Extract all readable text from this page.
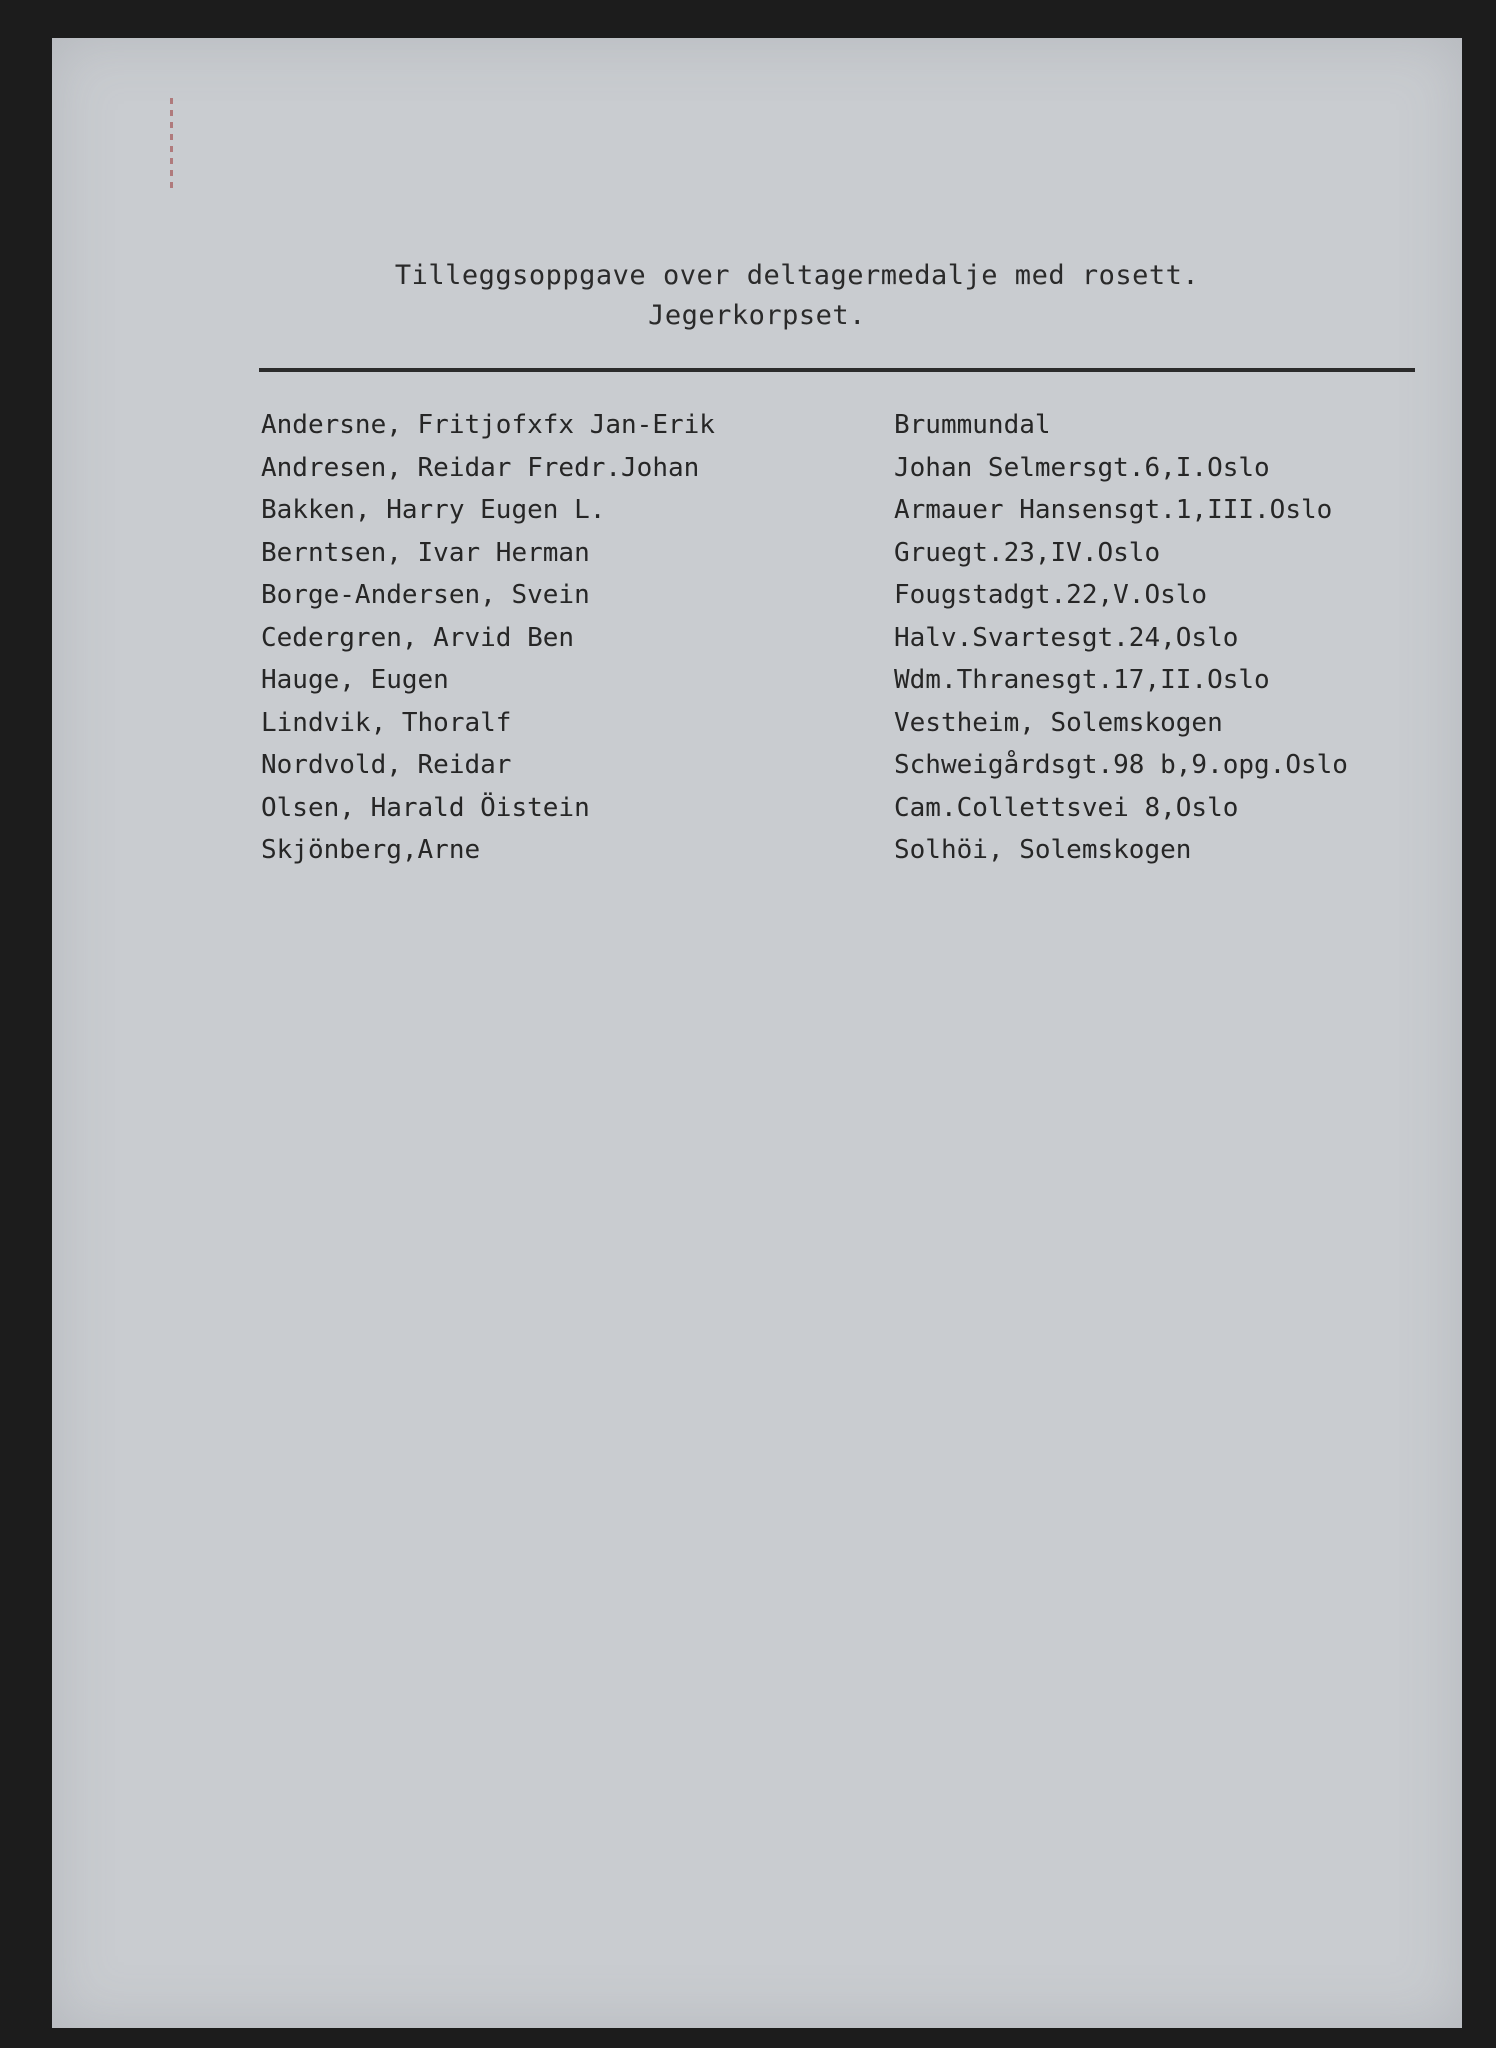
Tilleggsoppgave over deltagermedalje med rosett.
Jegerkorpset.
Andersne, Fritjofxfx Jan-Erik	Brummundal
Andresen, Reidar Fredr.Johan	Johan Selmersgt.6,I.Oslo
Bakken, Harry Eugen L.	Armauer Hansensgt.1,III.Oslo
Berntsen, Ivar Herman	Gruegt.23,IV.Oslo
Borge-Andersen, Svein	Fougstadgt.22,V.Oslo
Cedergren, Arvid Ben	Halv.Svartesgt.24,Oslo
Hauge, Eugen	Wdm.Thranesgt.17,II.Oslo
Lindvik, Thoralf	Vestheim, Solemskogen
Nordvold, Reidar	Schweigårdsgt.98 b,9.opg.Oslo
Olsen, Harald Öistein	Cam.Collettsvei 8,Oslo
Skjönberg,Arne	Solhöi, Solemskogen
